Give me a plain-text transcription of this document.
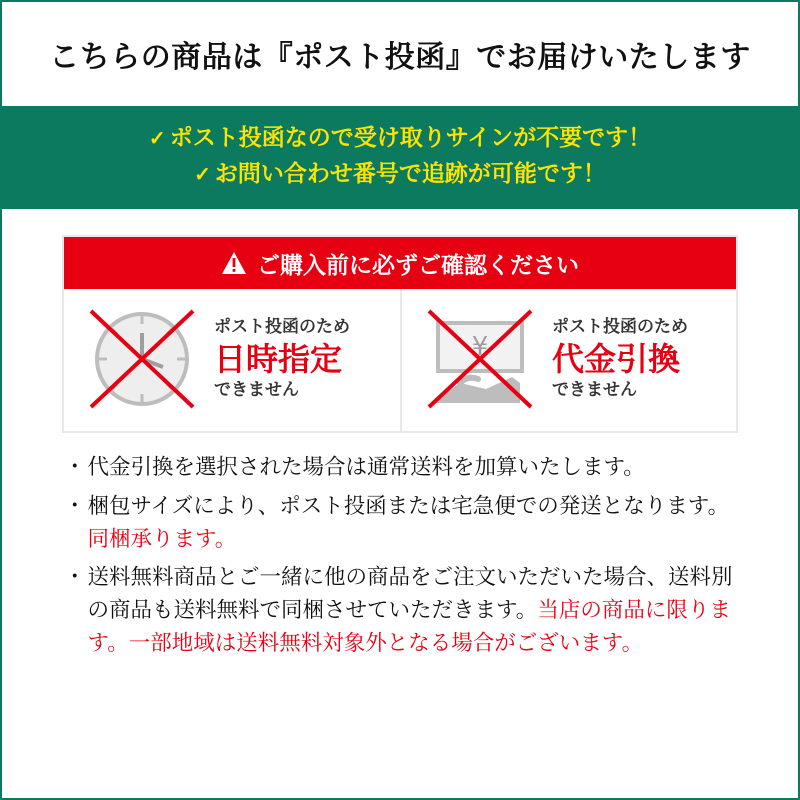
こちらの商品は『ポスト投函』でお届けいたします
✓ ポスト投函なので受け取りサインが不要です！
✓ お問い合わせ番号で追跡が可能です！
ご購入前に必ずご確認ください
ポスト投函のため
日時指定
できません
¥
ポスト投函のため
代金引換
できません
・ 代金引換を選択された場合は通常送料を加算いたします。
・ 梱包サイズにより、ポスト投函または宅急便での発送となります。同梱承ります。
・ 送料無料商品とご一緒に他の商品をご注文いただいた場合、送料別の商品も送料無料で同梱させていただきます。当店の商品に限ります。一部地域は送料無料対象外となる場合がございます。
